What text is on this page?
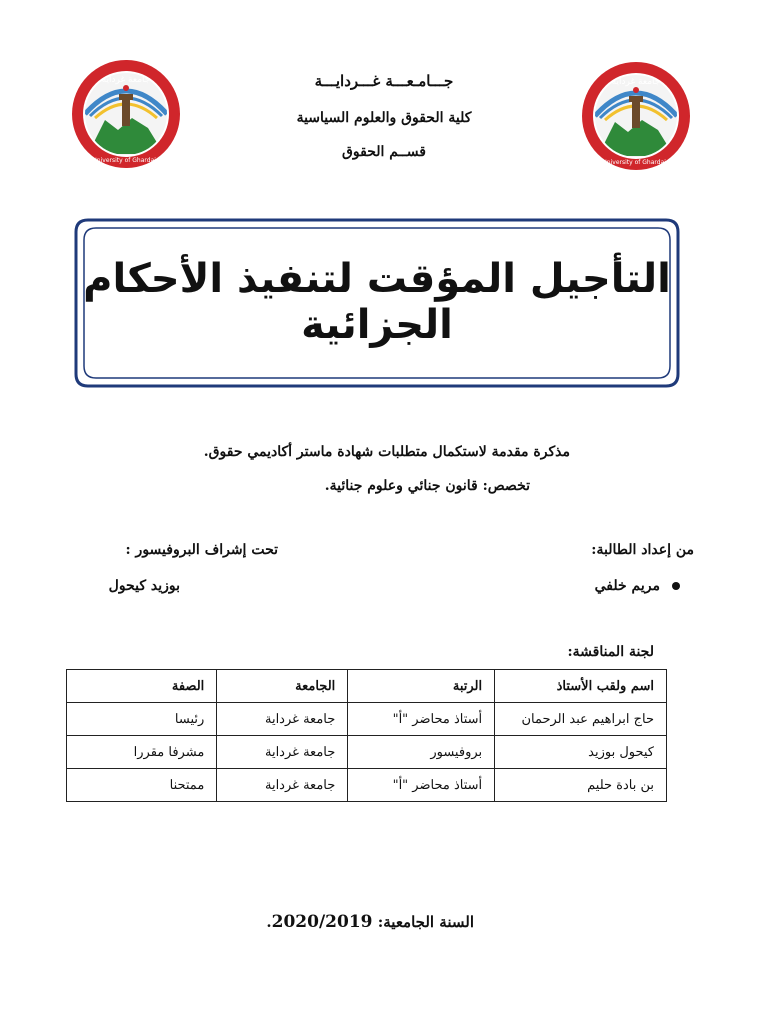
جامعة غرداية
University of Ghardaia
جامعة غرداية
University of Ghardaia
جـــامـعـــة غـــردايـــة
كلية الحقوق والعلوم السياسية
قســم الحقوق
التأجيل المؤقت لتنفيذ الأحكام الجزائية
مذكرة مقدمة لاستكمال متطلبات شهادة ماستر أكاديمي حقوق.
تخصص: قانون جنائي وعلوم جنائية.
من إعداد الطالبة:
تحت إشراف البروفيسور :
مريم خلفي
بوزيد كيحول
لجنة المناقشة:
اسم ولقب الأستاذ	الرتبة	الجامعة	الصفة
حاج ابراهيم عبد الرحمان	أستاذ محاضر "أ"	جامعة غرداية	رئيسا
كيحول بوزيد	بروفيسور	جامعة غرداية	مشرفا مقررا
بن بادة حليم	أستاذ محاضر "أ"	جامعة غرداية	ممتحنا
السنة الجامعية: 2020/2019.
